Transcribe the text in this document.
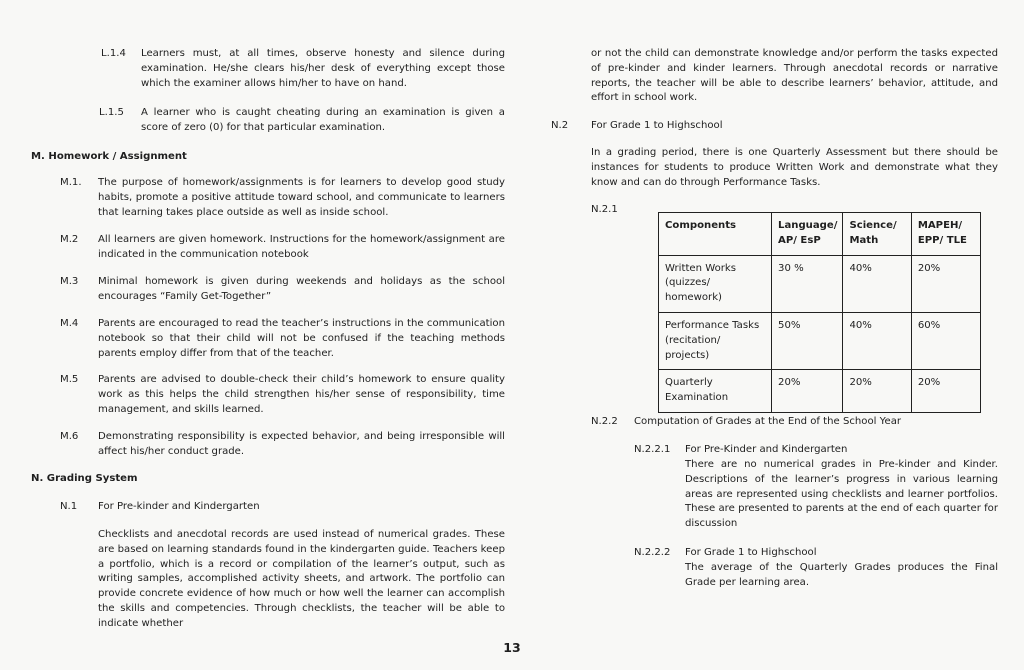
L.1.4 Learners must, at all times, observe honesty and silence during examination. He/she clears his/her desk of everything except those which the examiner allows him/her to have on hand.
L.1.5 A learner who is caught cheating during an examination is given a score of zero (0) for that particular examination.
M. Homework / Assignment
M.1. The purpose of homework/assignments is for learners to develop good study habits, promote a positive attitude toward school, and communicate to learners that learning takes place outside as well as inside school.
M.2 All learners are given homework. Instructions for the homework/assignment are indicated in the communication notebook
M.3 Minimal homework is given during weekends and holidays as the school encourages “Family Get-Together”
M.4 Parents are encouraged to read the teacher’s instructions in the communication notebook so that their child will not be confused if the teaching methods parents employ differ from that of the teacher.
M.5 Parents are advised to double-check their child’s homework to ensure quality work as this helps the child strengthen his/her sense of responsibility, time management, and skills learned.
M.6 Demonstrating responsibility is expected behavior, and being irresponsible will affect his/her conduct grade.
N. Grading System
N.1 For Pre-kinder and Kindergarten
Checklists and anecdotal records are used instead of numerical grades. These are based on learning standards found in the kindergarten guide. Teachers keep a portfolio, which is a record or compilation of the learner’s output, such as writing samples, accomplished activity sheets, and artwork. The portfolio can provide concrete evidence of how much or how well the learner can accomplish the skills and competencies. Through checklists, the teacher will be able to indicate whether
or not the child can demonstrate knowledge and/or perform the tasks expected of pre-kinder and kinder learners. Through anecdotal records or narrative reports, the teacher will be able to describe learners’ behavior, attitude, and effort in school work.
N.2 For Grade 1 to Highschool
In a grading period, there is one Quarterly Assessment but there should be instances for students to produce Written Work and demonstrate what they know and can do through Performance Tasks.
N.2.1
Components	Language/ AP/ EsP	Science/ Math	MAPEH/ EPP/ TLE
Written Works (quizzes/ homework)	30 %	40%	20%
Performance Tasks (recitation/ projects)	50%	40%	60%
Quarterly Examination	20%	20%	20%
N.2.2 Computation of Grades at the End of the School Year
N.2.2.1 For Pre-Kinder and Kindergarten
There are no numerical grades in Pre-kinder and Kinder. Descriptions of the learner’s progress in various learning areas are represented using checklists and learner portfolios. These are presented to parents at the end of each quarter for discussion
N.2.2.2 For Grade 1 to Highschool
The average of the Quarterly Grades produces the Final Grade per learning area.
13
